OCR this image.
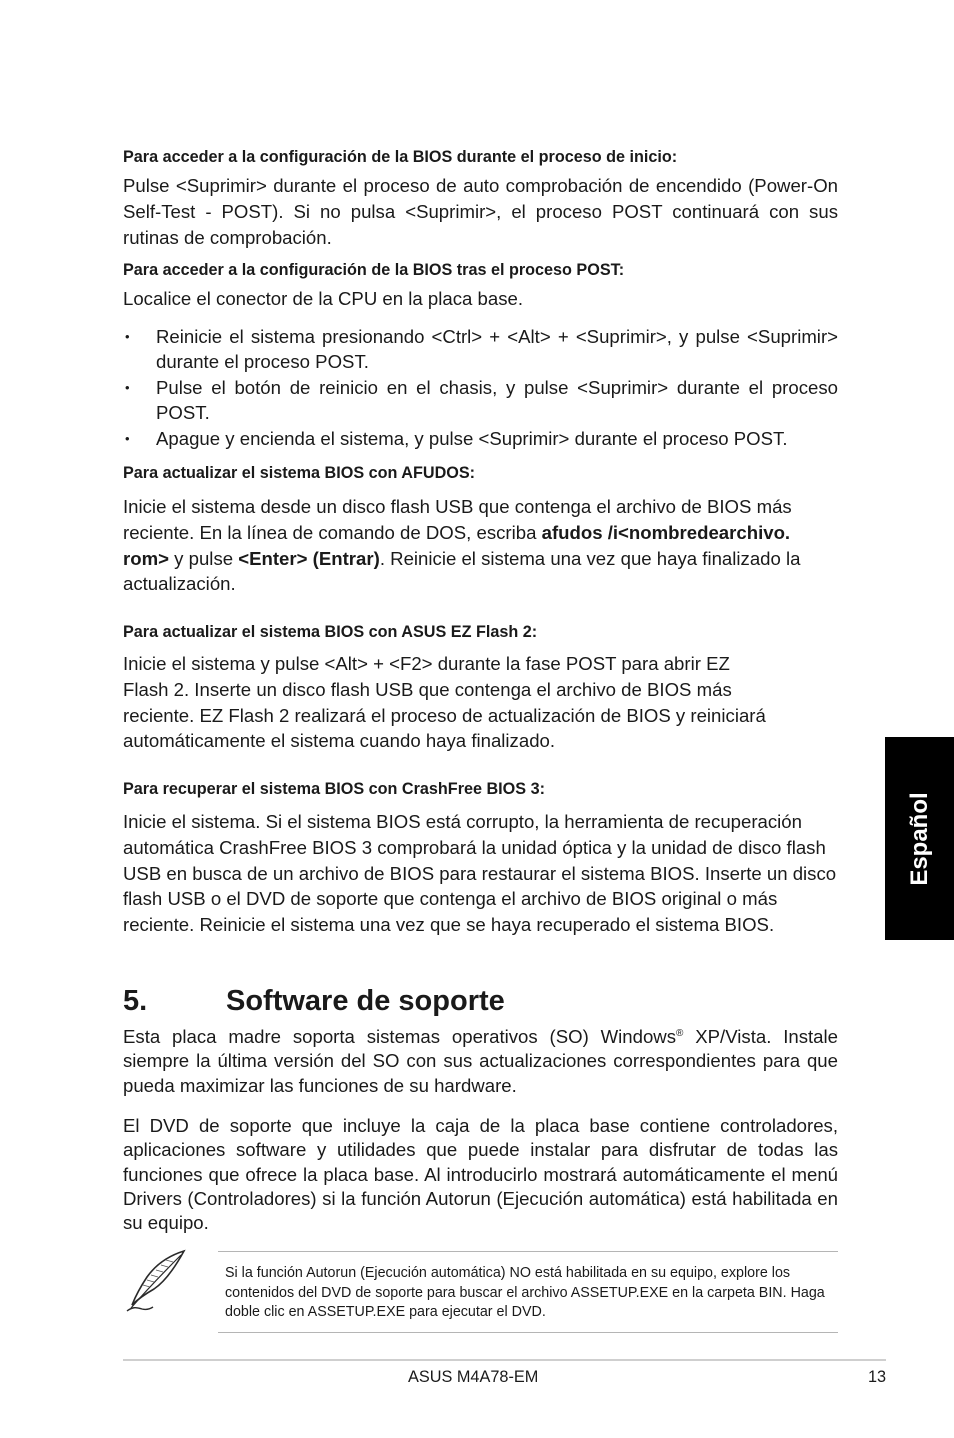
Para acceder a la configuración de la BIOS durante el proceso de inicio:

Pulse <Suprimir> durante el proceso de auto comprobación de encendido (Power-On Self-Test - POST). Si no pulsa <Suprimir>, el proceso POST continuará con sus rutinas de comprobación.

Para acceder a la configuración de la BIOS tras el proceso POST:

Localice el conector de la CPU en la placa base.

• Reinicie el sistema presionando <Ctrl> + <Alt> + <Suprimir>, y pulse <Suprimir> durante el proceso POST.
• Pulse el botón de reinicio en el chasis, y pulse <Suprimir> durante el proceso POST.
• Apague y encienda el sistema, y pulse <Suprimir> durante el proceso POST.
Para actualizar el sistema BIOS con AFUDOS:

Inicie el sistema desde un disco flash USB que contenga el archivo de BIOS más reciente. En la línea de comando de DOS, escriba afudos /i<nombredearchivo. rom> y pulse <Enter> (Entrar). Reinicie el sistema una vez que haya finalizado la actualización.

Para actualizar el sistema BIOS con ASUS EZ Flash 2:

Inicie el sistema y pulse <Alt> + <F2> durante la fase POST para abrir EZ
Flash 2. Inserte un disco flash USB que contenga el archivo de BIOS más
reciente. EZ Flash 2 realizará el proceso de actualización de BIOS y reiniciará
automáticamente el sistema cuando haya finalizado.

Para recuperar el sistema BIOS con CrashFree BIOS 3:

Inicie el sistema. Si el sistema BIOS está corrupto, la herramienta de recuperación automática CrashFree BIOS 3 comprobará la unidad óptica y la unidad de disco flash USB en busca de un archivo de BIOS para restaurar el sistema BIOS. Inserte un disco flash USB o el DVD de soporte que contenga el archivo de BIOS original o más reciente. Reinicie el sistema una vez que se haya recuperado el sistema BIOS.

5.	Software de soporte

Esta placa madre soporta sistemas operativos (SO) Windows® XP/Vista. Instale siempre la última versión del SO con sus actualizaciones correspondientes para que pueda maximizar las funciones de su hardware.

El DVD de soporte que incluye la caja de la placa base contiene controladores, aplicaciones software y utilidades que puede instalar para disfrutar de todas las funciones que ofrece la placa base. Al introducirlo mostrará automáticamente el menú Drivers (Controladores) si la función Autorun (Ejecución automática) está habilitada en su equipo.

Si la función Autorun (Ejecución automática) NO está habilitada en su equipo, explore los contenidos del DVD de soporte para buscar el archivo ASSETUP.EXE en la carpeta BIN. Haga doble clic en ASSETUP.EXE para ejecutar el DVD.

ASUS M4A78-EM	13
Español
